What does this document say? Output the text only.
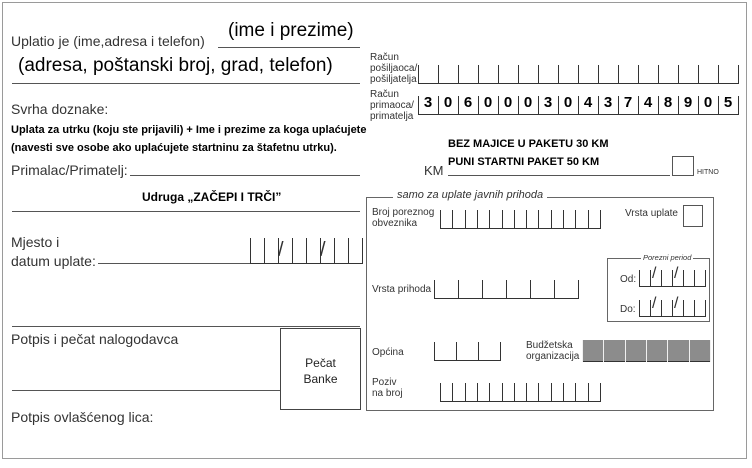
Uplatio je (ime,adresa i telefon) (ime i prezime)
(adresa, poštanski broj, grad, telefon)	Račun
pošiljaoca/
pošiljatelja
Svrha doznake:
Uplata za utrku (koju ste prijavili) + Ime i prezime za koga uplaćujete
(navesti sve osobe ako uplaćujete startninu za štafetnu utrku).
Račun
primaoca/
primatelja
3 0 6 0 0 0 3 0 4 3 7 4 8 9 0 5
BEZ MAJICE U PAKETU 30 KM
PUNI STARTNI PAKET 50 KM
KM	HITNO
Primalac/Primatelj:
Udruga „ZAČEPI I TRČI”
Mjesto i
datum uplate:	/ /
Potpis i pečat nalogodavca
Pečat
Banke
Potpis ovlašćenog lica:
samo za uplate javnih prihoda
Broj poreznog
obveznika
Vrsta uplate
Vrsta prihoda
Porezni period
Od: / /
Do: / /
Općina
Budžetska
organizacija
Poziv
na broj
